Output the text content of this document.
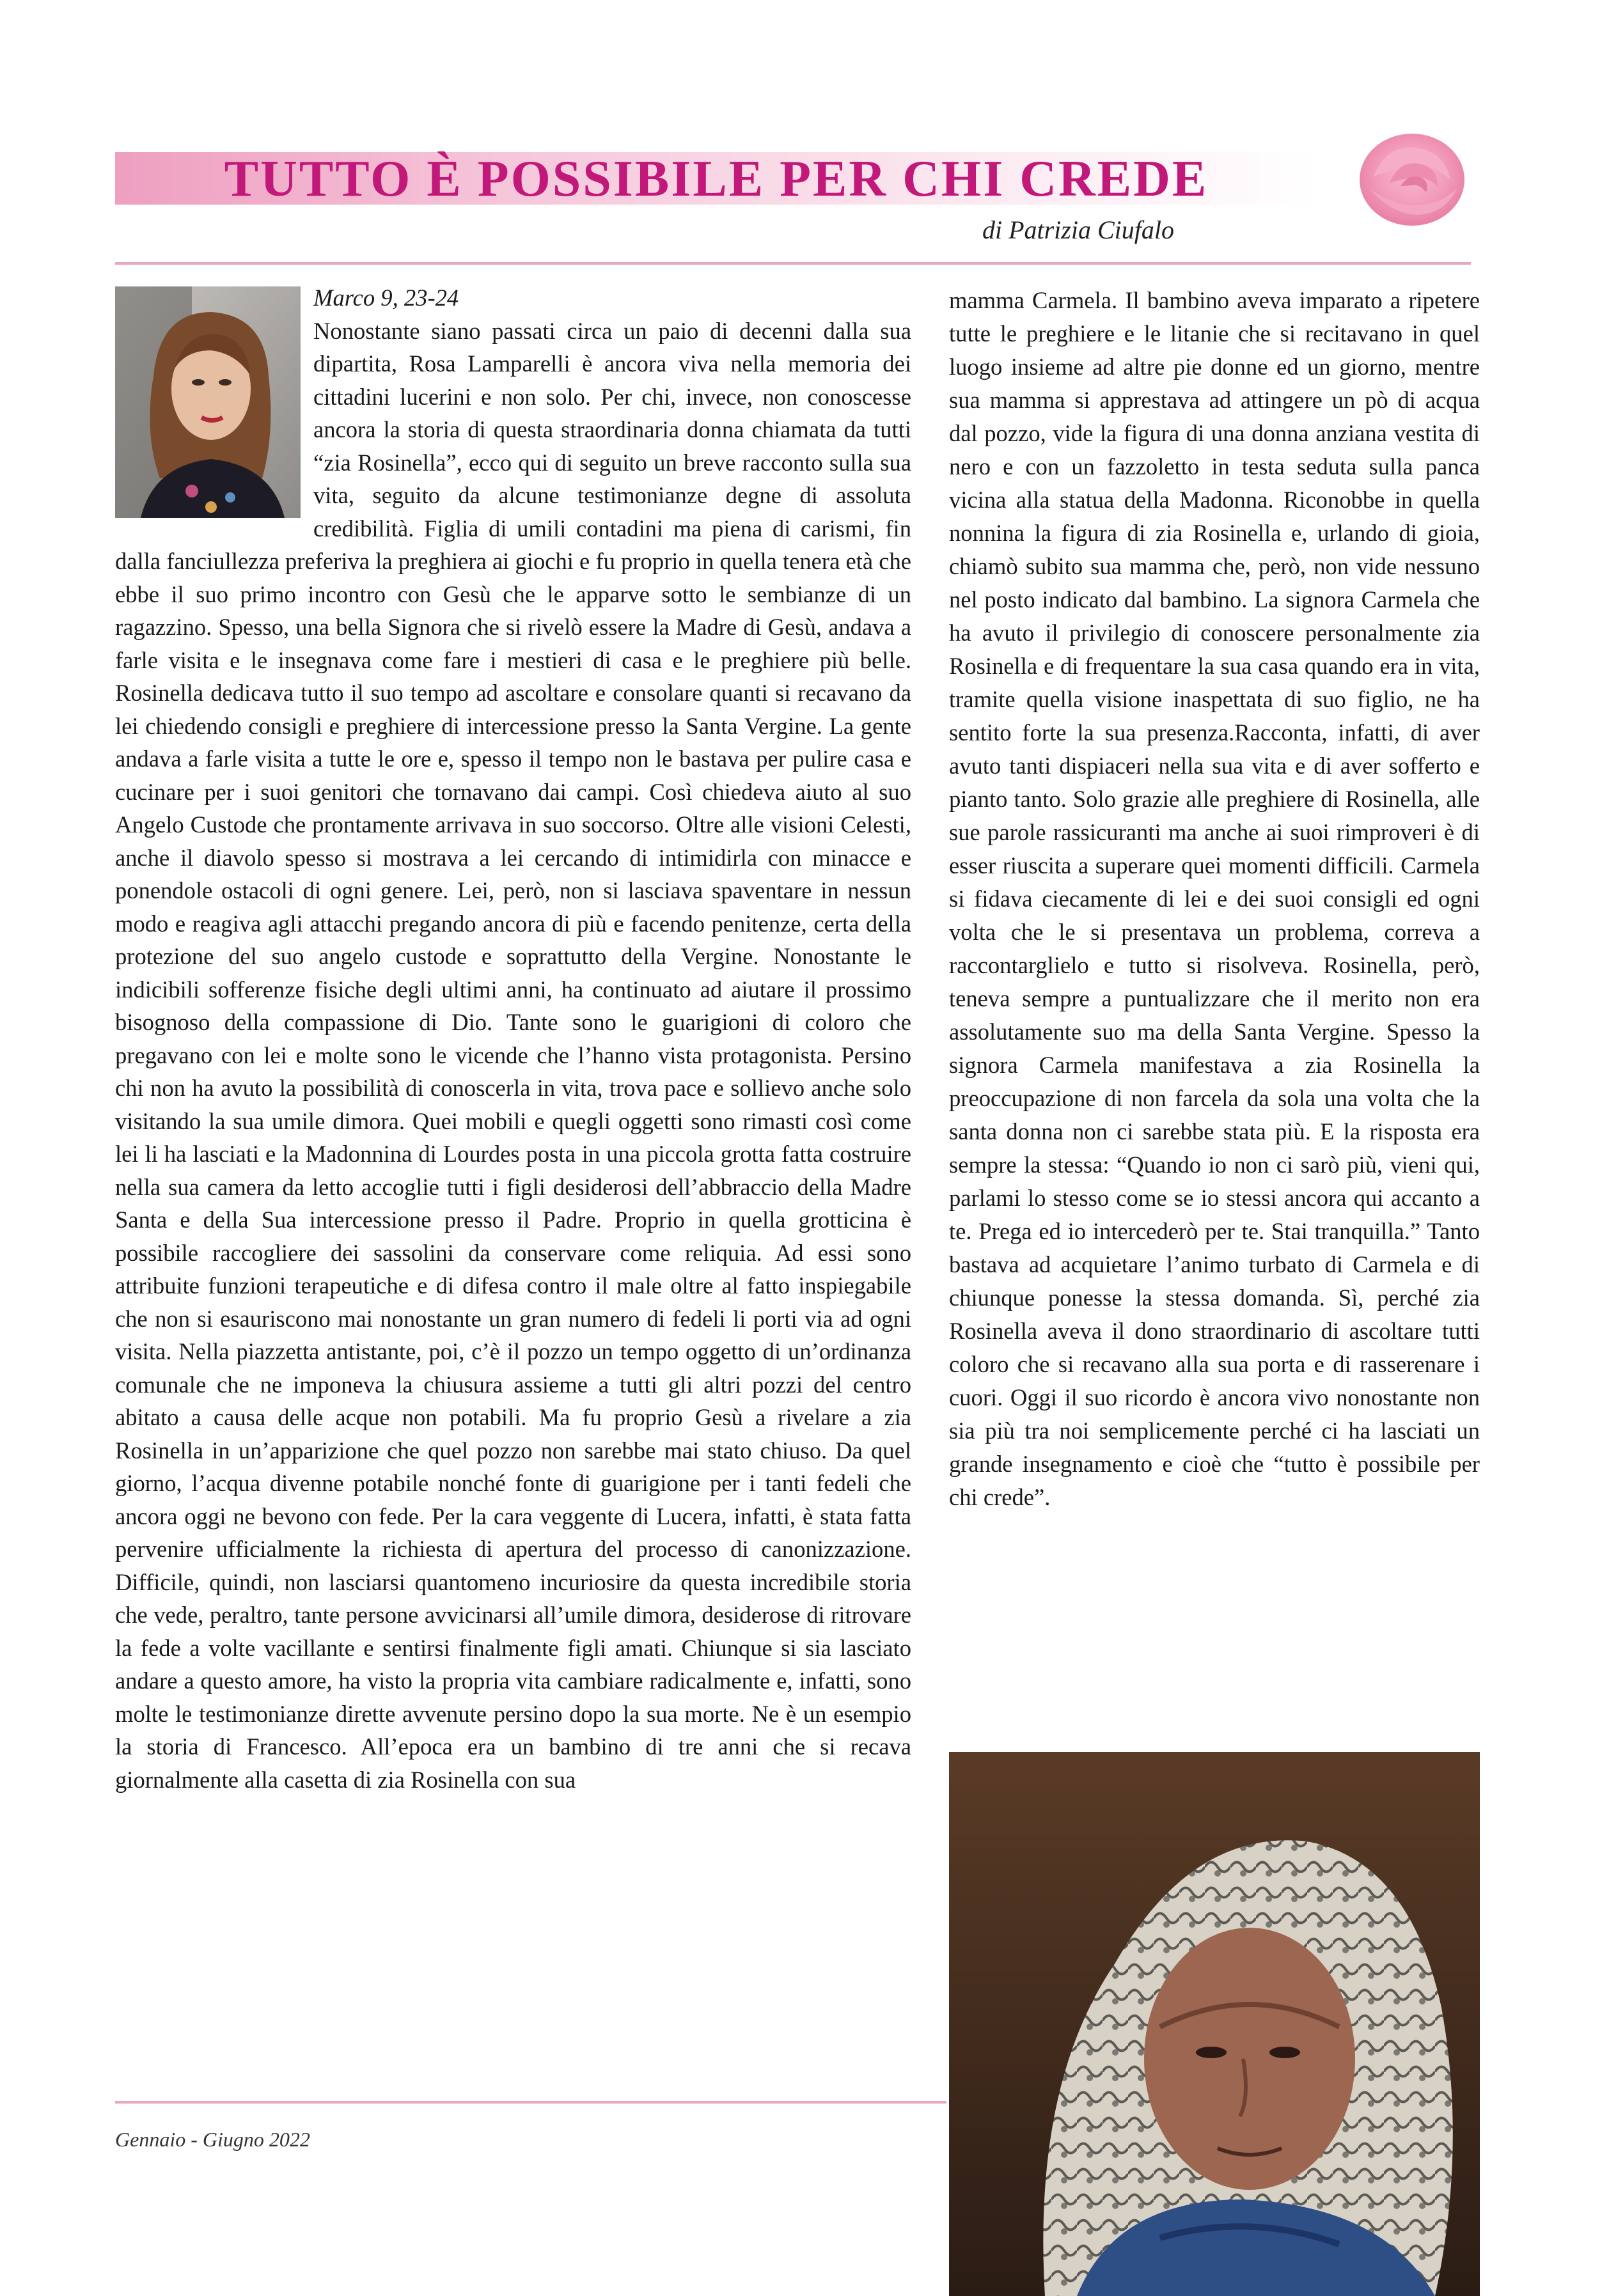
TUTTO È POSSIBILE PER CHI CREDE
di Patrizia Ciufalo
Marco 9, 23-24

Nonostante siano passati circa un paio di decenni dalla sua dipartita, Rosa Lamparelli è ancora viva nella memoria dei cittadini lucerini e non solo. Per chi, invece, non conoscesse ancora la storia di questa straordinaria donna chiamata da tutti “zia Rosinella”, ecco qui di seguito un breve racconto sulla sua vita, seguito da alcune testimonianze degne di assoluta credibilità. Figlia di umili contadini ma piena di carismi, fin dalla fanciullezza preferiva la preghiera ai giochi e fu proprio in quella tenera età che ebbe il suo primo incontro con Gesù che le apparve sotto le sembianze di un ragazzino. Spesso, una bella Signora che si rivelò essere la Madre di Gesù, andava a farle visita e le insegnava come fare i mestieri di casa e le preghiere più belle. Rosinella dedicava tutto il suo tempo ad ascoltare e consolare quanti si recavano da lei chiedendo consigli e preghiere di intercessione presso la Santa Vergine. La gente andava a farle visita a tutte le ore e, spesso il tempo non le bastava per pulire casa e cucinare per i suoi genitori che tornavano dai campi. Così chiedeva aiuto al suo Angelo Custode che prontamente arrivava in suo soccorso. Oltre alle visioni Celesti, anche il diavolo spesso si mostrava a lei cercando di intimidirla con minacce e ponendole ostacoli di ogni genere. Lei, però, non si lasciava spaventare in nessun modo e reagiva agli attacchi pregando ancora di più e facendo penitenze, certa della protezione del suo angelo custode e soprattutto della Vergine. Nonostante le indicibili sofferenze fisiche degli ultimi anni, ha continuato ad aiutare il prossimo bisognoso della compassione di Dio. Tante sono le guarigioni di coloro che pregavano con lei e molte sono le vicende che l’hanno vista protagonista. Persino chi non ha avuto la possibilità di conoscerla in vita, trova pace e sollievo anche solo visitando la sua umile dimora. Quei mobili e quegli oggetti sono rimasti così come lei li ha lasciati e la Madonnina di Lourdes posta in una piccola grotta fatta costruire nella sua camera da letto accoglie tutti i figli desiderosi dell’abbraccio della Madre Santa e della Sua intercessione presso il Padre. Proprio in quella grotticina è possibile raccogliere dei sassolini da conservare come reliquia. Ad essi sono attribuite funzioni terapeutiche e di difesa contro il male oltre al fatto inspiegabile che non si esauriscono mai nonostante un gran numero di fedeli li porti via ad ogni visita. Nella piazzetta antistante, poi, c’è il pozzo un tempo oggetto di un’ordinanza comunale che ne imponeva la chiusura assieme a tutti gli altri pozzi del centro abitato a causa delle acque non potabili. Ma fu proprio Gesù a rivelare a zia Rosinella in un’apparizione che quel pozzo non sarebbe mai stato chiuso. Da quel giorno, l’acqua divenne potabile nonché fonte di guarigione per i tanti fedeli che ancora oggi ne bevono con fede. Per la cara veggente di Lucera, infatti, è stata fatta pervenire ufficialmente la richiesta di apertura del processo di canonizzazione. Difficile, quindi, non lasciarsi quantomeno incuriosire da questa incredibile storia che vede, peraltro, tante persone avvicinarsi all’umile dimora, desiderose di ritrovare la fede a volte vacillante e sentirsi finalmente figli amati. Chiunque si sia lasciato andare a questo amore, ha visto la propria vita cambiare radicalmente e, infatti, sono molte le testimonianze dirette avvenute persino dopo la sua morte. Ne è un esempio la storia di Francesco. All’epoca era un bambino di tre anni che si recava giornalmente alla casetta di zia Rosinella con sua

mamma Carmela. Il bambino aveva imparato a ripetere tutte le preghiere e le litanie che si recitavano in quel luogo insieme ad altre pie donne ed un giorno, mentre sua mamma si apprestava ad attingere un pò di acqua dal pozzo, vide la figura di una donna anziana vestita di nero e con un fazzoletto in testa seduta sulla panca vicina alla statua della Madonna. Riconobbe in quella nonnina la figura di zia Rosinella e, urlando di gioia, chiamò subito sua mamma che, però, non vide nessuno nel posto indicato dal bambino. La signora Carmela che ha avuto il privilegio di conoscere personalmente zia Rosinella e di frequentare la sua casa quando era in vita, tramite quella visione inaspettata di suo figlio, ne ha sentito forte la sua presenza.Racconta, infatti, di aver avuto tanti dispiaceri nella sua vita e di aver sofferto e pianto tanto. Solo grazie alle preghiere di Rosinella, alle sue parole rassicuranti ma anche ai suoi rimproveri è di esser riuscita a superare quei momenti difficili. Carmela si fidava ciecamente di lei e dei suoi consigli ed ogni volta che le si presentava un problema, correva a raccontarglielo e tutto si risolveva. Rosinella, però, teneva sempre a puntualizzare che il merito non era assolutamente suo ma della Santa Vergine. Spesso la signora Carmela manifestava a zia Rosinella la preoccupazione di non farcela da sola una volta che la santa donna non ci sarebbe stata più. E la risposta era sempre la stessa: “Quando io non ci sarò più, vieni qui, parlami lo stesso come se io stessi ancora qui accanto a te. Prega ed io intercederò per te. Stai tranquilla.” Tanto bastava ad acquietare l’animo turbato di Carmela e di chiunque ponesse la stessa domanda. Sì, perché zia Rosinella aveva il dono straordinario di ascoltare tutti coloro che si recavano alla sua porta e di rasserenare i cuori. Oggi il suo ricordo è ancora vivo nonostante non sia più tra noi semplicemente perché ci ha lasciati un grande insegnamento e cioè che “tutto è possibile per chi crede”.

Gennaio - Giugno 2022
